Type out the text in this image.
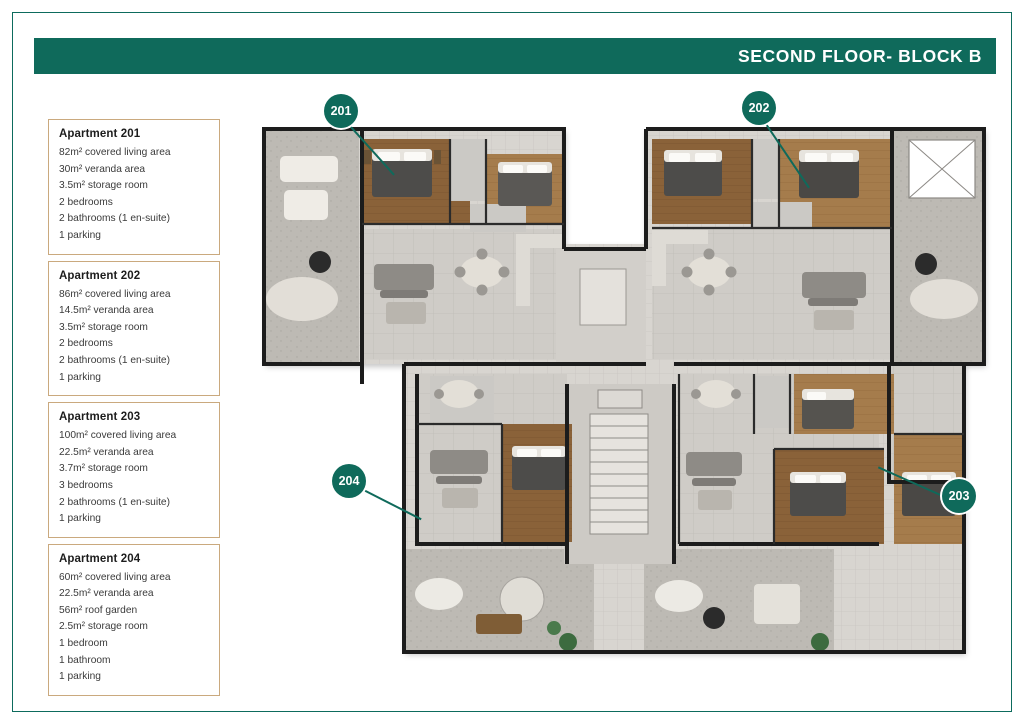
SECOND FLOOR- BLOCK B
Apartment 201
82m² covered living area
30m² veranda area
3.5m² storage room
2 bedrooms
2 bathrooms (1 en-suite)
1 parking
Apartment 202
86m² covered living area
14.5m² veranda area
3.5m² storage room
2 bedrooms
2 bathrooms (1 en-suite)
1 parking
Apartment 203
100m² covered living area
22.5m² veranda area
3.7m² storage room
3 bedrooms
2 bathrooms (1 en-suite)
1 parking
Apartment 204
60m² covered living area
22.5m² veranda area
56m² roof garden
2.5m² storage room
1 bedroom
1 bathroom
1 parking
201	202
203
204
